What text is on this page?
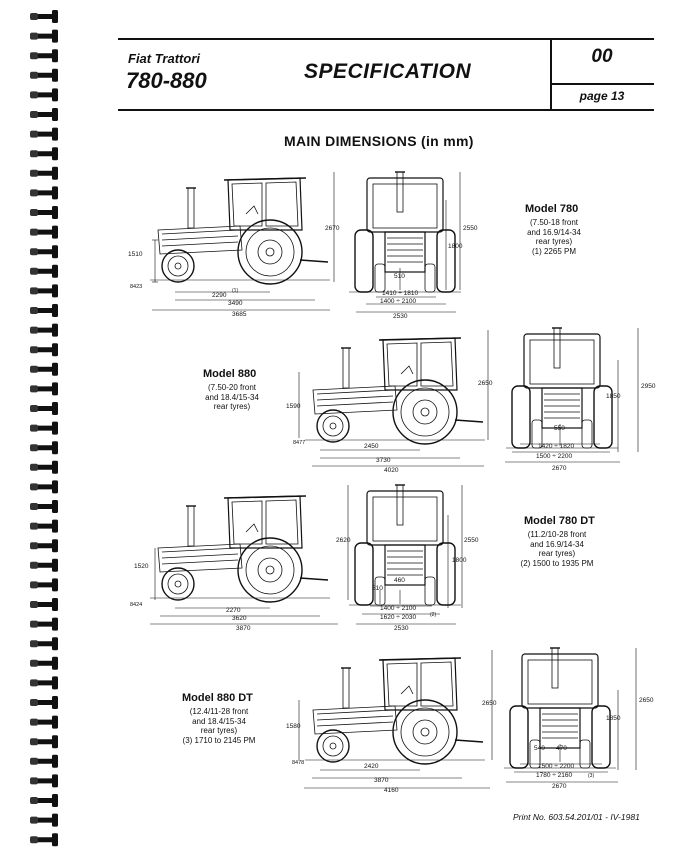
Fiat Trattori
780-880	SPECIFICATION
00
page 13
MAIN DIMENSIONS (in mm)
1510
8423
2290
(1)
3490
3685
2670	2550
1800
510
1410 ÷ 1810
1400 ÷ 2100
2530
1590
8477	2450
3730
4020
2650	2950
1850
550
1420 ÷ 1820
1500 ÷ 2200
2670
1520
8424
2270
3620
3870
2620	2550
1800
510
460
1400 ÷ 2100
1620 ÷ 2030	(2)
2530
1580
8478	2420
3870
4160
2650	2650
1850
540 470
1500 ÷ 2200
1780 ÷ 2160	(3)
2670
Model 780
(7.50-18 front
and 16.9/14-34
rear tyres)
(1) 2265 PM
Model 880
(7.50-20 front
and 18.4/15-34
rear tyres)
Model 780 DT
(11.2/10-28 front
and 16.9/14-34
rear tyres)
(2) 1500 to 1935 PM
Model 880 DT
(12.4/11-28 front
and 18.4/15-34
rear tyres)
(3) 1710 to 2145 PM
Print No. 603.54.201/01 - IV-1981
